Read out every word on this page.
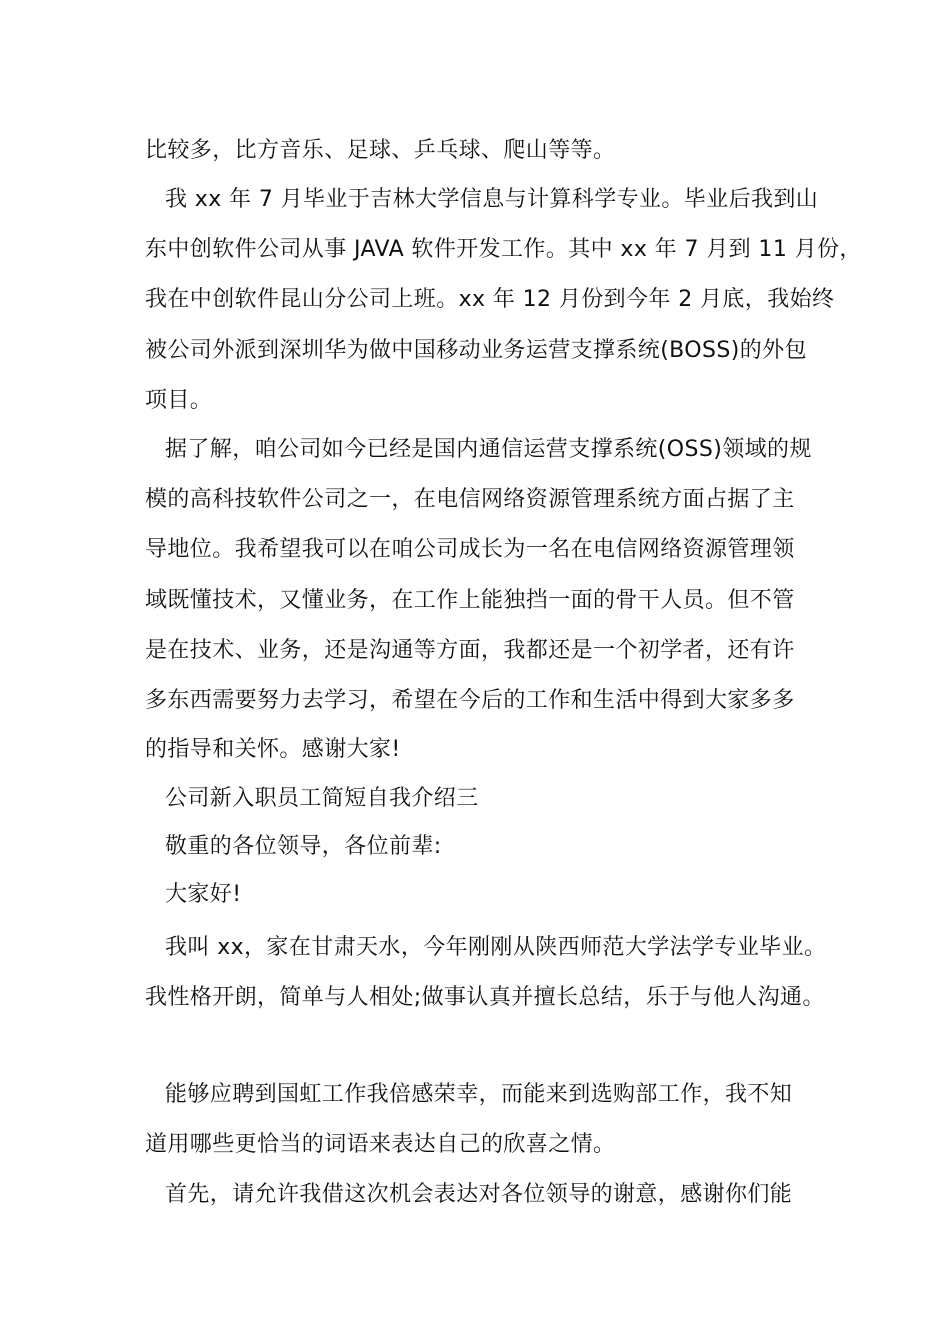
比较多，比方音乐、足球、乒乓球、爬山等等。
我 xx 年 7 月毕业于吉林大学信息与计算科学专业。毕业后我到山
东中创软件公司从事 JAVA 软件开发工作。其中 xx 年 7 月到 11 月份，
我在中创软件昆山分公司上班。xx 年 12 月份到今年 2 月底，我始终
被公司外派到深圳华为做中国移动业务运营支撑系统(BOSS)的外包
项目。
据了解，咱公司如今已经是国内通信运营支撑系统(OSS)领域的规
模的高科技软件公司之一，在电信网络资源管理系统方面占据了主
导地位。我希望我可以在咱公司成长为一名在电信网络资源管理领
域既懂技术，又懂业务，在工作上能独挡一面的骨干人员。但不管
是在技术、业务，还是沟通等方面，我都还是一个初学者，还有许
多东西需要努力去学习，希望在今后的工作和生活中得到大家多多
的指导和关怀。感谢大家!
公司新入职员工简短自我介绍三
敬重的各位领导，各位前辈:
大家好!
我叫 xx，家在甘肃天水，今年刚刚从陕西师范大学法学专业毕业。
我性格开朗，简单与人相处;做事认真并擅长总结，乐于与他人沟通。
能够应聘到国虹工作我倍感荣幸，而能来到选购部工作，我不知
道用哪些更恰当的词语来表达自己的欣喜之情。
首先，请允许我借这次机会表达对各位领导的谢意，感谢你们能
